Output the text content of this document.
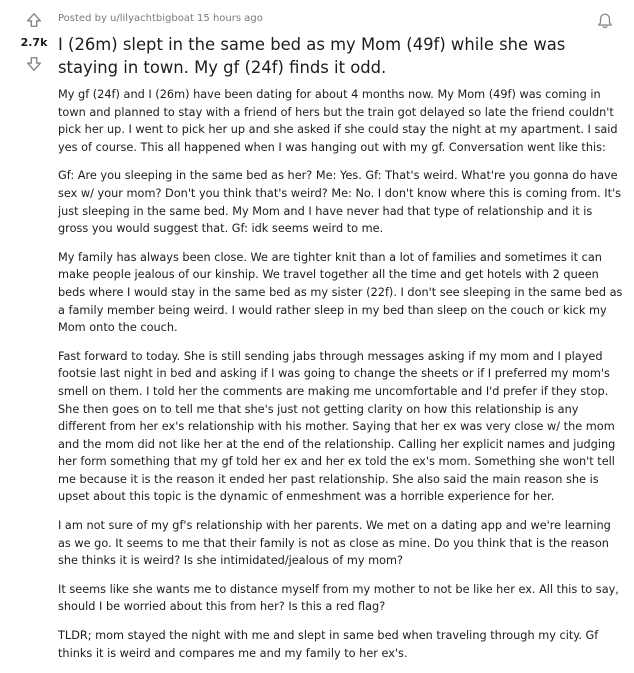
2.7k
Posted by u/lilyachtbigboat 15 hours ago
I (26m) slept in the same bed as my Mom (49f) while she was staying in town. My gf (24f) finds it odd.

My gf (24f) and I (26m) have been dating for about 4 months now. My Mom (49f) was coming in town and planned to stay with a friend of hers but the train got delayed so late the friend couldn't pick her up. I went to pick her up and she asked if she could stay the night at my apartment. I said yes of course. This all happened when I was hanging out with my gf. Conversation went like this:

Gf: Are you sleeping in the same bed as her? Me: Yes. Gf: That's weird. What're you gonna do have sex w/ your mom? Don't you think that's weird? Me: No. I don't know where this is coming from. It's just sleeping in the same bed. My Mom and I have never had that type of relationship and it is gross you would suggest that. Gf: idk seems weird to me.

My family has always been close. We are tighter knit than a lot of families and sometimes it can make people jealous of our kinship. We travel together all the time and get hotels with 2 queen beds where I would stay in the same bed as my sister (22f). I don't see sleeping in the same bed as a family member being weird. I would rather sleep in my bed than sleep on the couch or kick my Mom onto the couch.

Fast forward to today. She is still sending jabs through messages asking if my mom and I played footsie last night in bed and asking if I was going to change the sheets or if I preferred my mom's smell on them. I told her the comments are making me uncomfortable and I'd prefer if they stop. She then goes on to tell me that she's just not getting clarity on how this relationship is any different from her ex's relationship with his mother. Saying that her ex was very close w/ the mom and the mom did not like her at the end of the relationship. Calling her explicit names and judging her form something that my gf told her ex and her ex told the ex's mom. Something she won't tell me because it is the reason it ended her past relationship. She also said the main reason she is upset about this topic is the dynamic of enmeshment was a horrible experience for her.

I am not sure of my gf's relationship with her parents. We met on a dating app and we're learning as we go. It seems to me that their family is not as close as mine. Do you think that is the reason she thinks it is weird? Is she intimidated/jealous of my mom?

It seems like she wants me to distance myself from my mother to not be like her ex. All this to say, should I be worried about this from her? Is this a red flag?

TLDR; mom stayed the night with me and slept in same bed when traveling through my city. Gf thinks it is weird and compares me and my family to her ex's.
